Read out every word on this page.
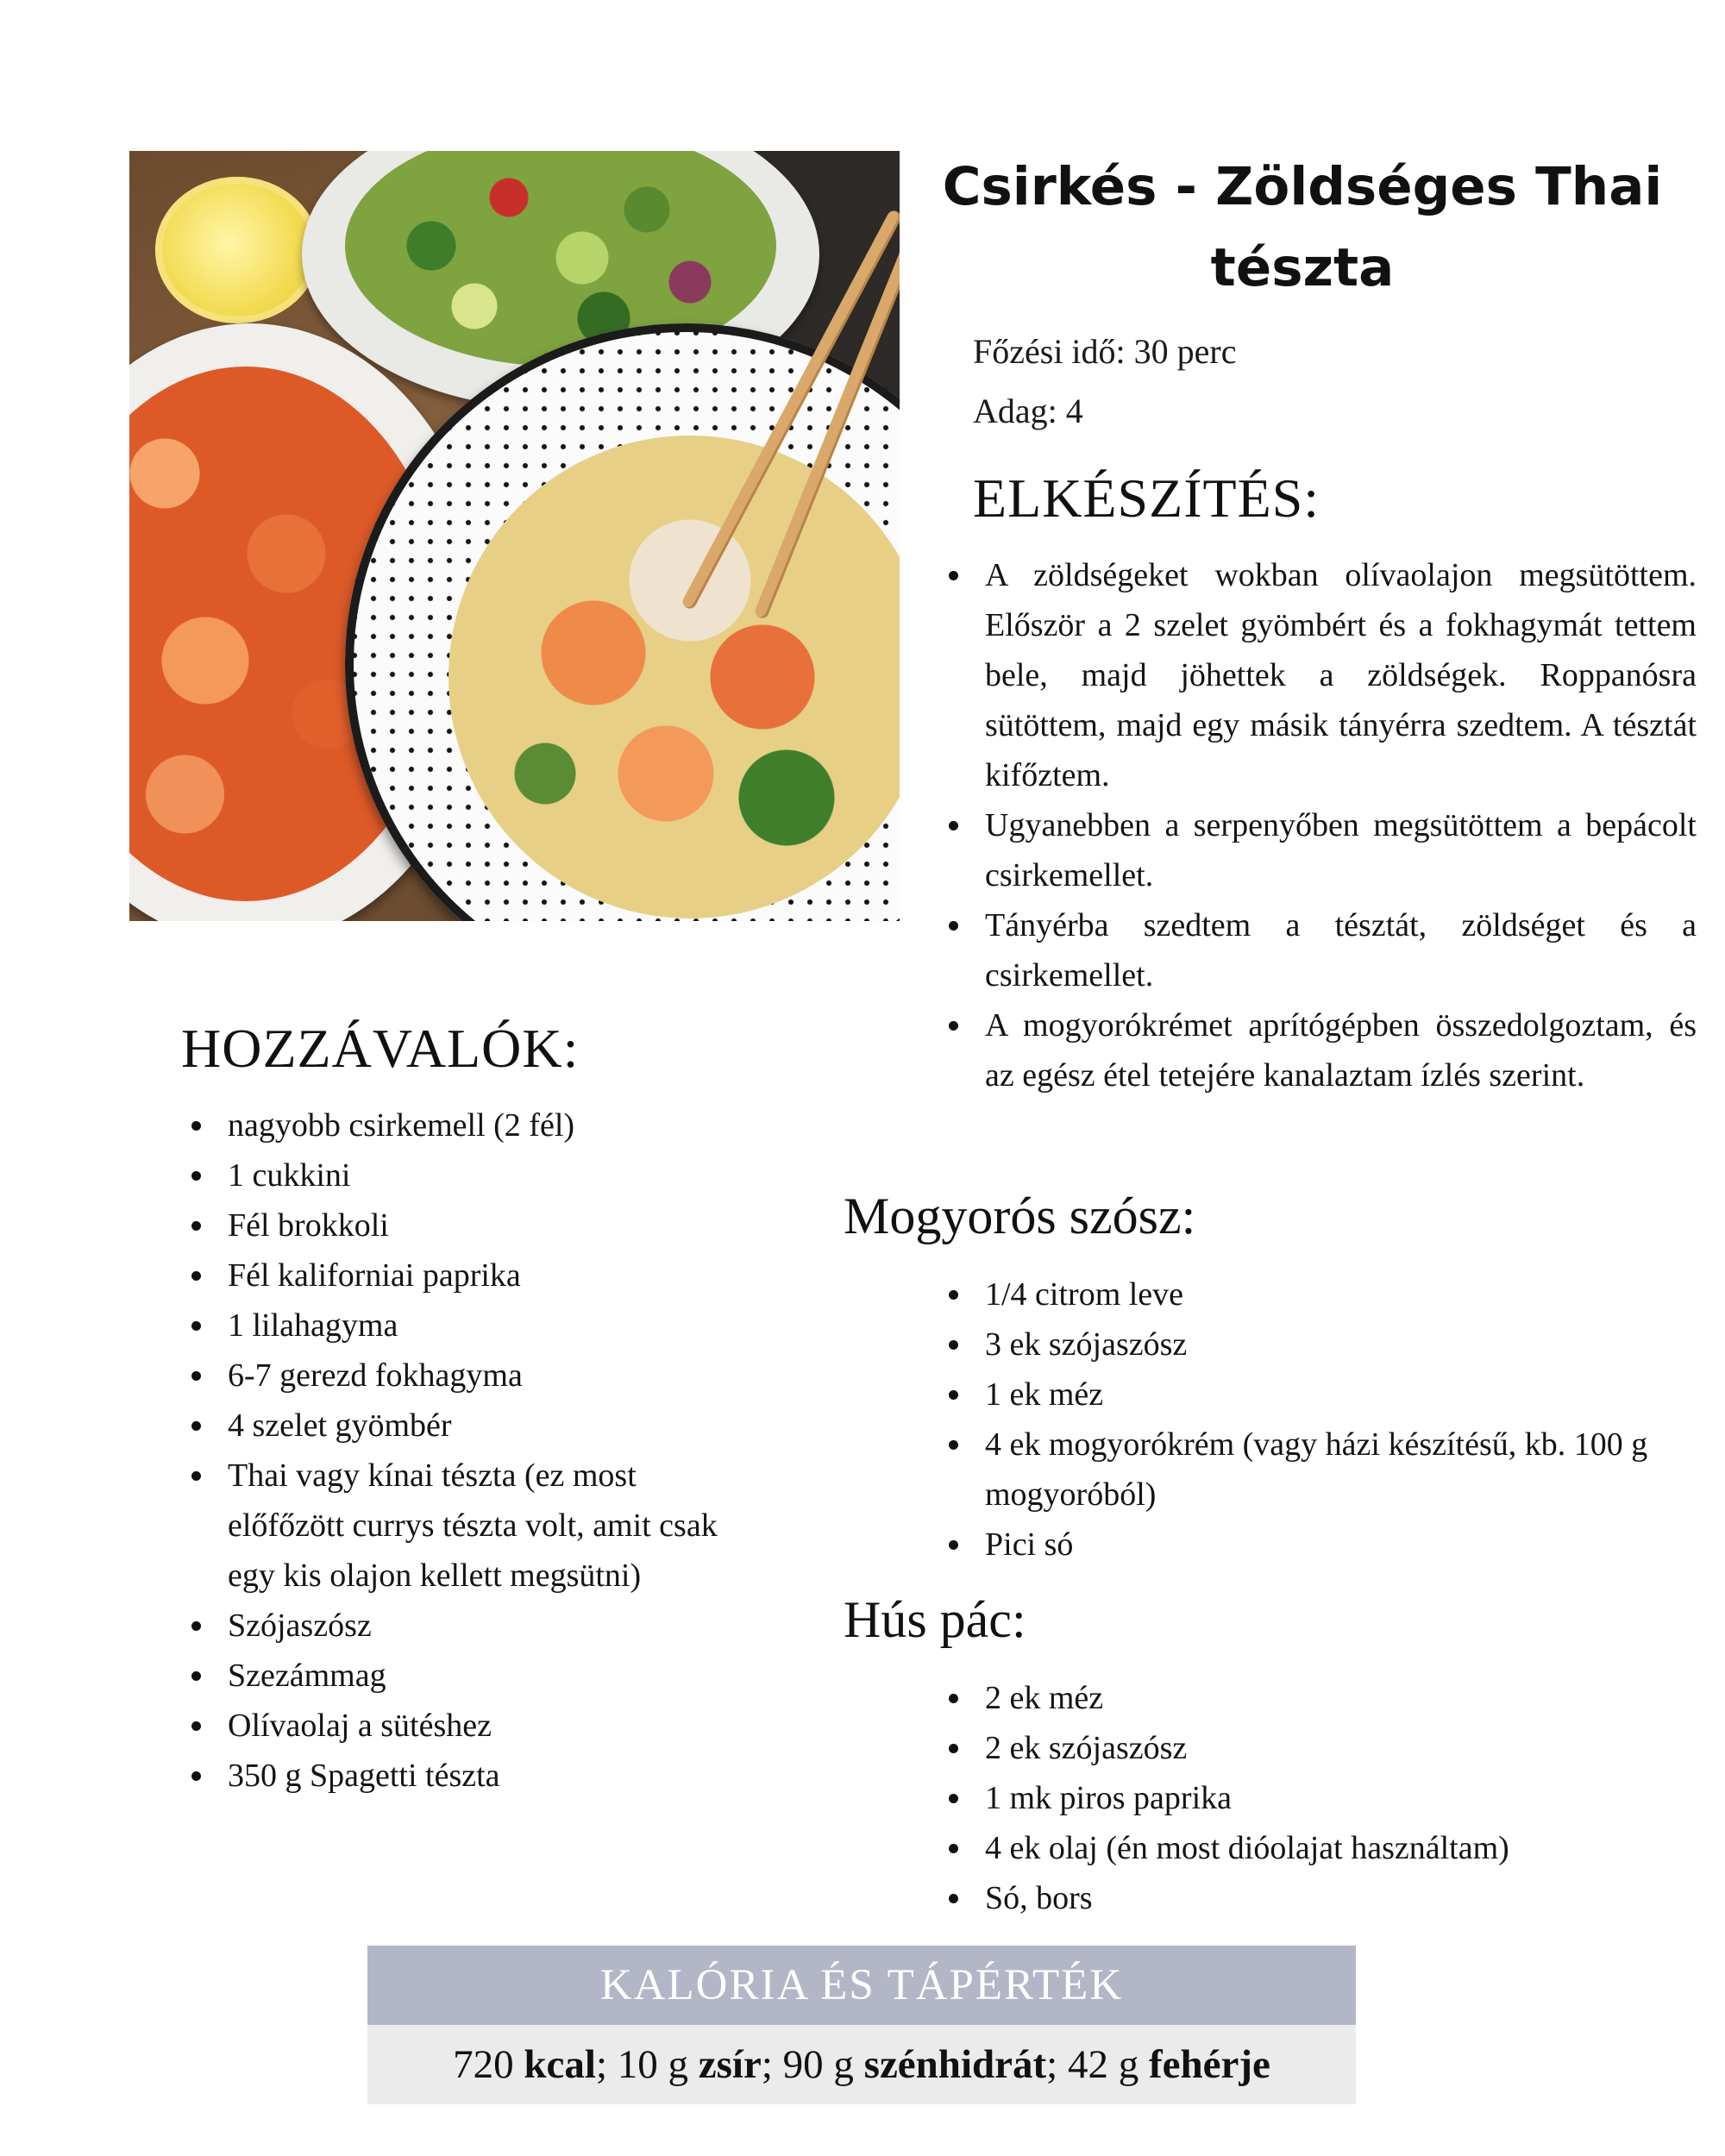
Csirkés - Zöldséges Thai
tészta
Főzési idő: 30 perc
Adag: 4
ELKÉSZÍTÉS:
A zöldségeket wokban olívaolajon megsütöttem. Először a 2 szelet gyömbért és a fokhagymát tettem bele, majd jöhettek a zöldségek. Roppanósra sütöttem, majd egy másik tányérra szedtem. A tésztát kifőztem.
Ugyanebben a serpenyőben megsütöttem a bepácolt csirkemellet.
Tányérba szedtem a tésztát, zöldséget és a csirkemellet.
A mogyorókrémet aprítógépben összedolgoztam, és az egész étel tetejére kanalaztam ízlés szerint.
HOZZÁVALÓK:
nagyobb csirkemell (2 fél)
1 cukkini
Fél brokkoli
Fél kaliforniai paprika
1 lilahagyma
6-7 gerezd fokhagyma
4 szelet gyömbér
Thai vagy kínai tészta (ez most előfőzött currys tészta volt, amit csak egy kis olajon kellett megsütni)
Szójaszósz
Szezámmag
Olívaolaj a sütéshez
350 g Spagetti tészta
Mogyorós szósz:
1/4 citrom leve
3 ek szójaszósz
1 ek méz
4 ek mogyorókrém (vagy házi készítésű, kb. 100 g mogyoróból)
Pici só
Hús pác:
2 ek méz
2 ek szójaszósz
1 mk piros paprika
4 ek olaj (én most dióolajat használtam)
Só, bors
KALÓRIA ÉS TÁPÉRTÉK
720 kcal; 10 g zsír; 90 g szénhidrát; 42 g fehérje
